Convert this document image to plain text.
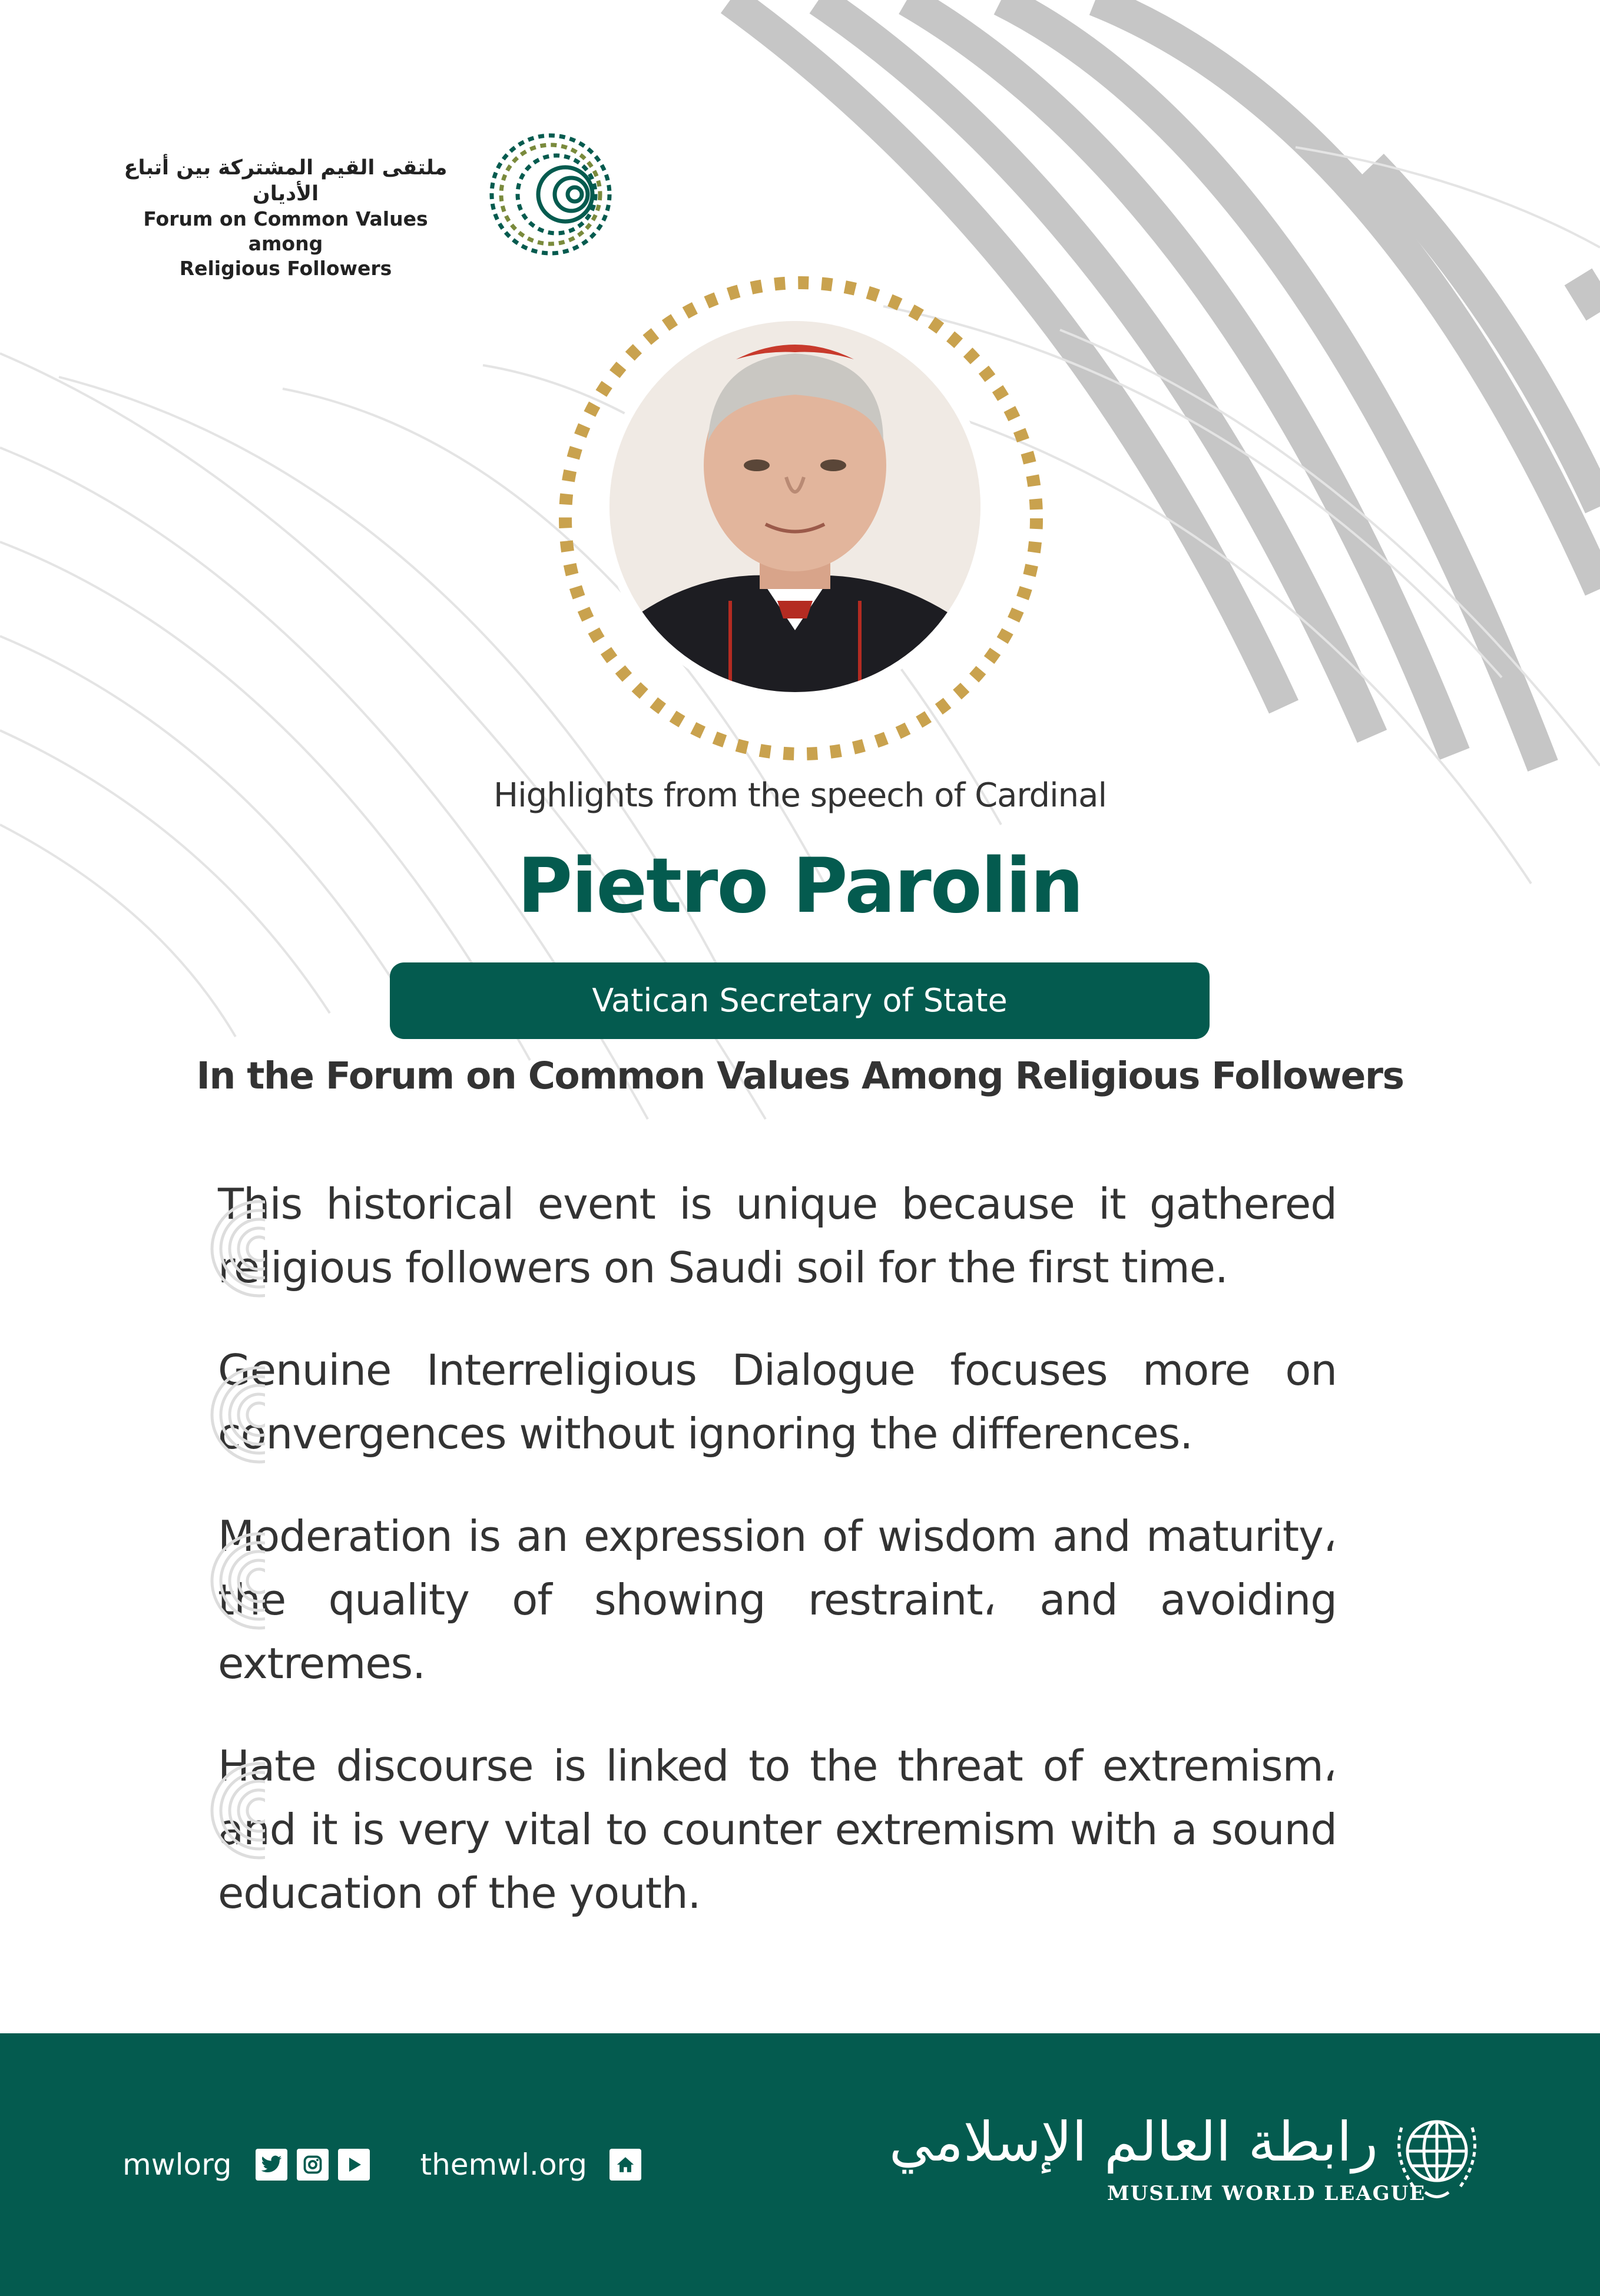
ملتقى القيم المشتركة بين أتباع الأديان
Forum on Common Values among
Religious Followers
Highlights from the speech of Cardinal
Pietro Parolin
Vatican Secretary of State
In the Forum on Common Values Among Religious Followers
This historical event is unique because it gathered religious followers on Saudi soil for the first time.
Genuine Interreligious Dialogue focuses more on convergences without ignoring the differences.
Moderation is an expression of wisdom and maturity، the quality of showing restraint، and avoiding extremes.
Hate discourse is linked to the threat of extremism، and it is very vital to counter extremism with a sound education of the youth.
mwlorg	themwl.org	رابطة العالم الإسلامي
MUSLIM WORLD LEAGUE
